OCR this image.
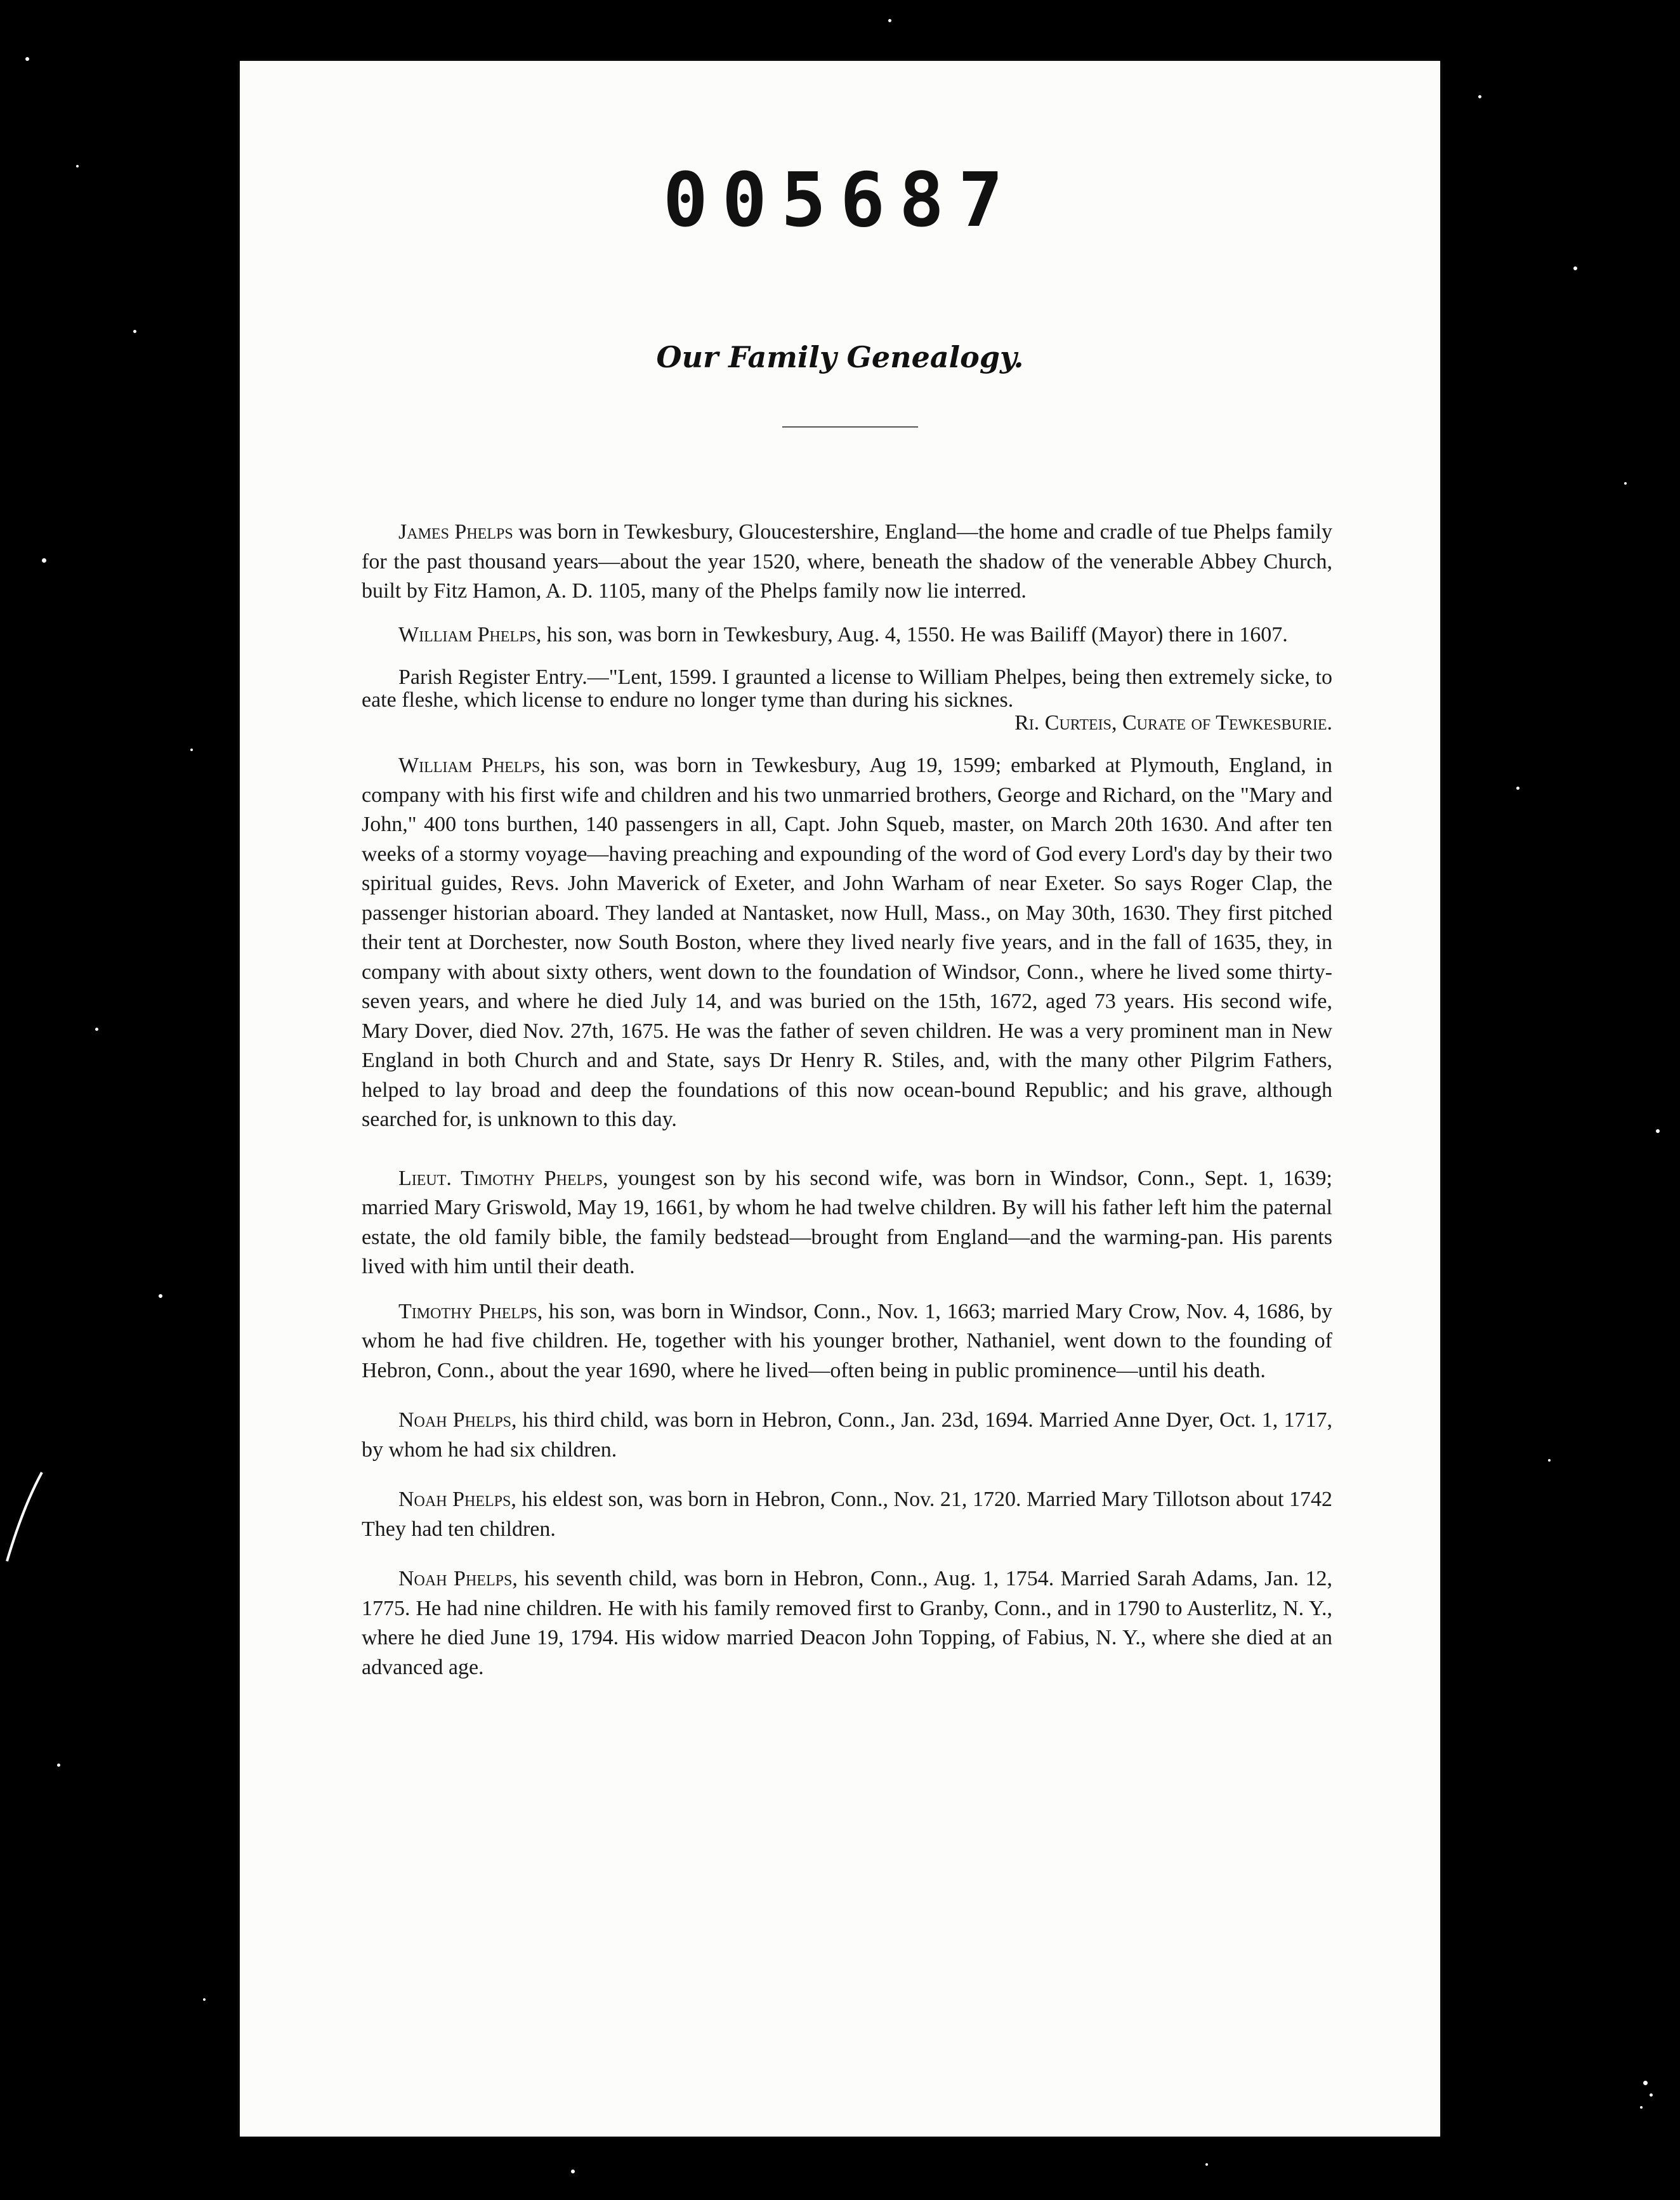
005687
Our Family Genealogy.

James Phelps was born in Tewkesbury, Gloucestershire, England—the home and cradle of tue Phelps family for the past thousand years—about the year 1520, where, beneath the shadow of the venerable Abbey Church, built by Fitz Hamon, A. D. 1105, many of the Phelps family now lie interred.

William Phelps, his son, was born in Tewkesbury, Aug. 4, 1550. He was Bailiff (Mayor) there in 1607.

Parish Register Entry.—"Lent, 1599. I graunted a license to William Phelpes, being then extremely sicke, to eate fleshe, which license to endure no longer tyme than during his sicknes.
Ri. Curteis, Curate of Tewkesburie.

William Phelps, his son, was born in Tewkesbury, Aug 19, 1599; embarked at Plymouth, England, in company with his first wife and children and his two unmarried brothers, George and Richard, on the "Mary and John," 400 tons burthen, 140 passengers in all, Capt. John Squeb, master, on March 20th 1630. And after ten weeks of a stormy voyage—having preaching and expounding of the word of God every Lord's day by their two spiritual guides, Revs. John Maverick of Exeter, and John Warham of near Exeter. So says Roger Clap, the passenger historian aboard. They landed at Nantasket, now Hull, Mass., on May 30th, 1630. They first pitched their tent at Dorchester, now South Boston, where they lived nearly five years, and in the fall of 1635, they, in company with about sixty others, went down to the foundation of Windsor, Conn., where he lived some thirty-seven years, and where he died July 14, and was buried on the 15th, 1672, aged 73 years. His second wife, Mary Dover, died Nov. 27th, 1675. He was the father of seven children. He was a very prominent man in New England in both Church and and State, says Dr Henry R. Stiles, and, with the many other Pilgrim Fathers, helped to lay broad and deep the foundations of this now ocean-bound Republic; and his grave, although searched for, is unknown to this day.

Lieut. Timothy Phelps, youngest son by his second wife, was born in Windsor, Conn., Sept. 1, 1639; married Mary Griswold, May 19, 1661, by whom he had twelve children. By will his father left him the paternal estate, the old family bible, the family bedstead—brought from England—and the warming-pan. His parents lived with him until their death.

Timothy Phelps, his son, was born in Windsor, Conn., Nov. 1, 1663; married Mary Crow, Nov. 4, 1686, by whom he had five children. He, together with his younger brother, Nathaniel, went down to the founding of Hebron, Conn., about the year 1690, where he lived—often being in public prominence—until his death.

Noah Phelps, his third child, was born in Hebron, Conn., Jan. 23d, 1694. Married Anne Dyer, Oct. 1, 1717, by whom he had six children.

Noah Phelps, his eldest son, was born in Hebron, Conn., Nov. 21, 1720. Married Mary Tillotson about 1742 They had ten children.

Noah Phelps, his seventh child, was born in Hebron, Conn., Aug. 1, 1754. Married Sarah Adams, Jan. 12, 1775. He had nine children. He with his family removed first to Granby, Conn., and in 1790 to Austerlitz, N. Y., where he died June 19, 1794. His widow married Deacon John Topping, of Fabius, N. Y., where she died at an advanced age.
